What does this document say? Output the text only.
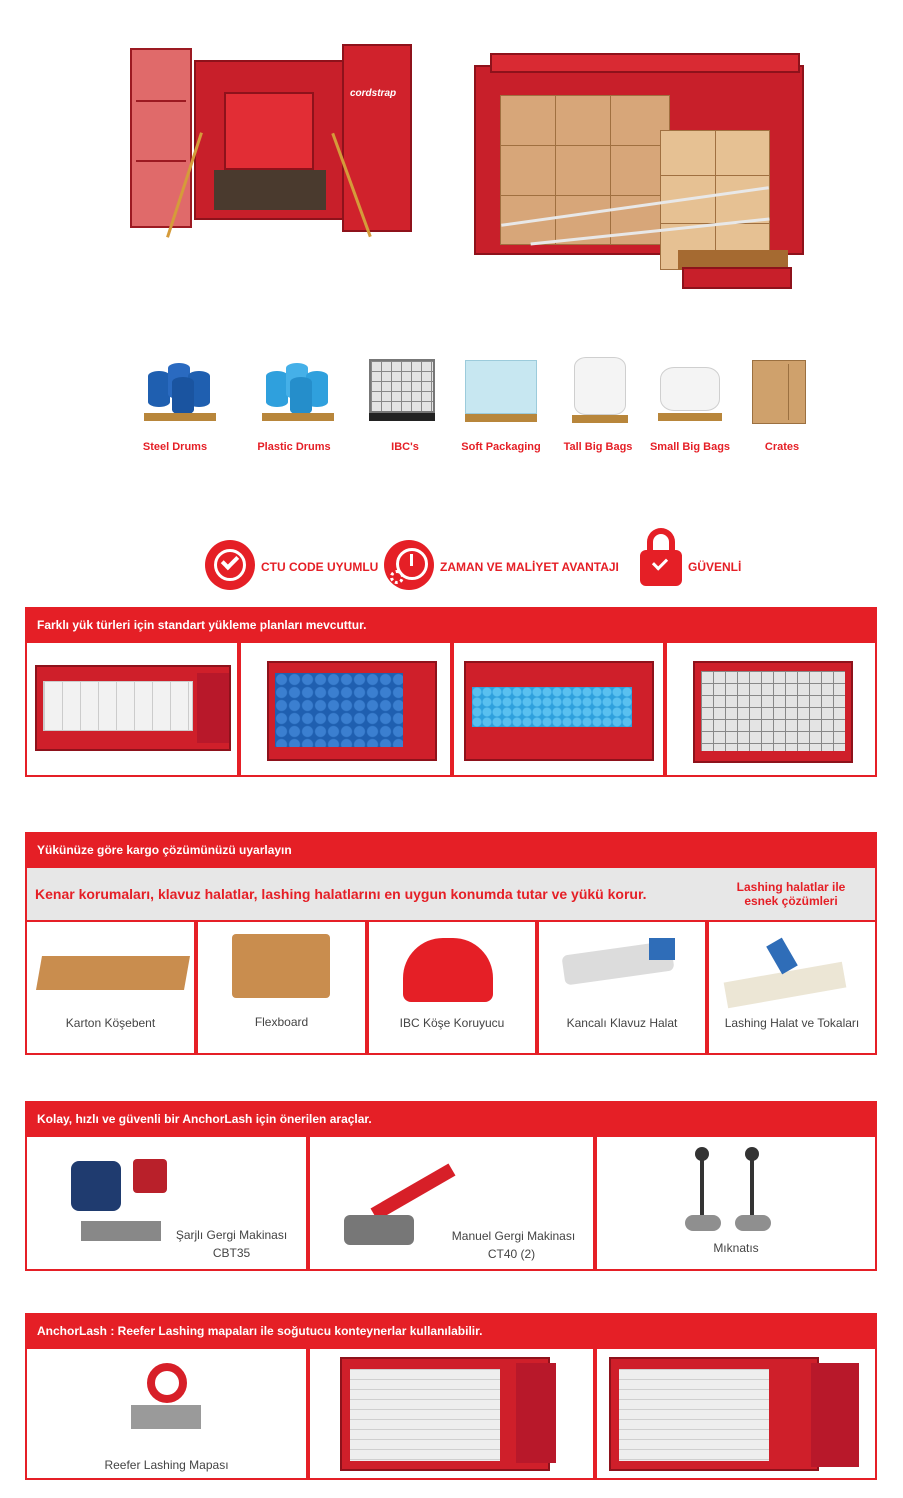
cordstrap
Steel Drums	Plastic Drums	IBC's	Soft Packaging	Tall Big Bags	Small Big Bags	Crates
CTU CODE UYUMLU	ZAMAN VE MALİYET AVANTAJI	GÜVENLİ
Farklı yük türleri için standart yükleme planları mevcuttur.
Yükünüze göre kargo çözümünüzü uyarlayın
Kenar korumaları, klavuz halatlar, lashing halatlarını en uygun konumda tutar ve yükü korur.	Lashing halatlar ile esnek çözümleri
Karton Köşebent	Flexboard	IBC Köşe Koruyucu	Kancalı Klavuz Halat	Lashing Halat ve Tokaları
Kolay, hızlı ve güvenli bir AnchorLash için önerilen araçlar.
Şarjlı Gergi Makinası
CBT35
Manuel Gergi Makinası
CT40 (2)	Mıknatıs
AnchorLash : Reefer Lashing mapaları ile soğutucu konteynerlar kullanılabilir.
Reefer Lashing Mapası
